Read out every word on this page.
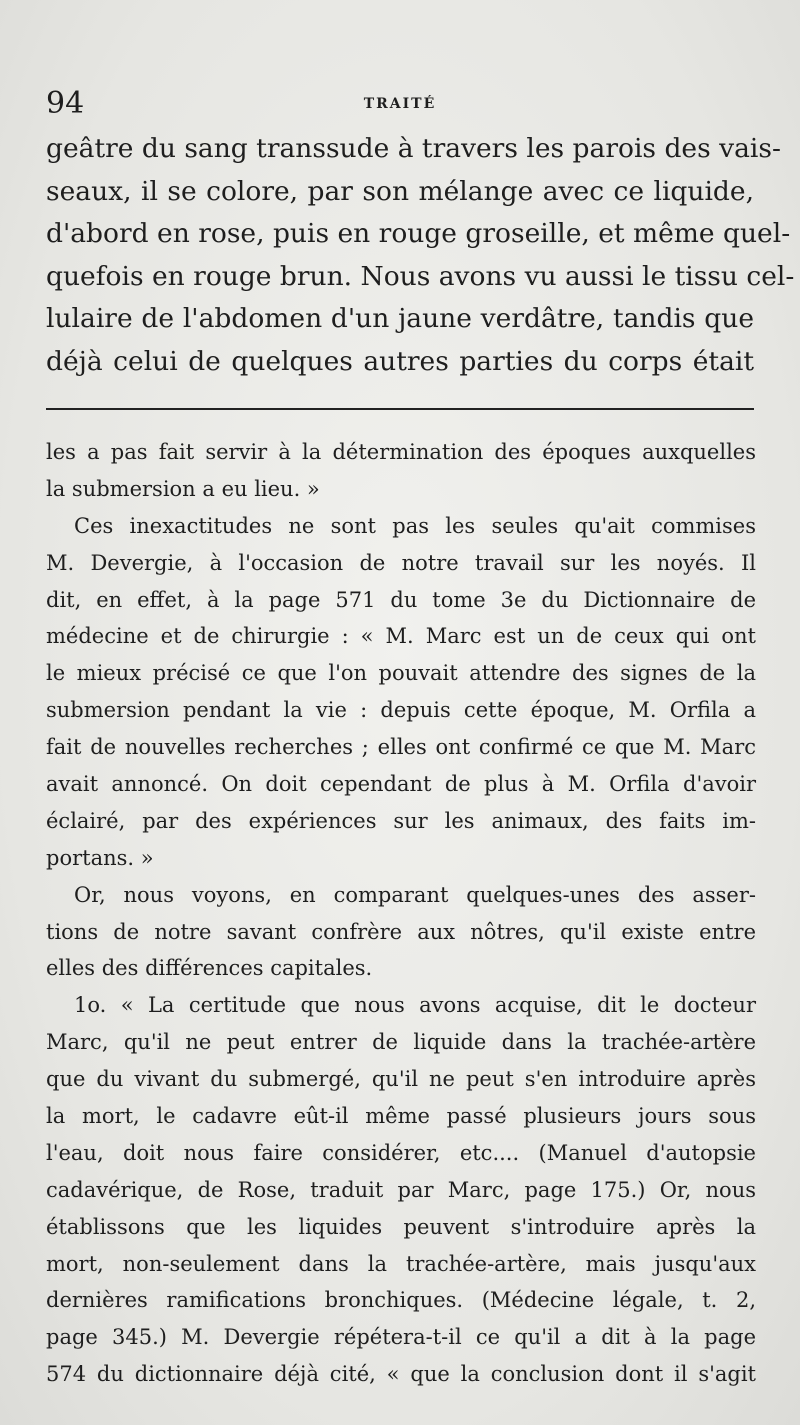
94	TRAITÉ
geâtre du sang transsude à travers les parois des vais-
seaux, il se colore, par son mélange avec ce liquide,
d'abord en rose, puis en rouge groseille, et même quel-
quefois en rouge brun. Nous avons vu aussi le tissu cel-
lulaire de l'abdomen d'un jaune verdâtre, tandis que
déjà celui de quelques autres parties du corps était
les a pas fait servir à la détermination des époques auxquelles
la submersion a eu lieu. »
Ces inexactitudes ne sont pas les seules qu'ait commises
M. Devergie, à l'occasion de notre travail sur les noyés. Il
dit, en effet, à la page 571 du tome 3e du Dictionnaire de
médecine et de chirurgie : « M. Marc est un de ceux qui ont
le mieux précisé ce que l'on pouvait attendre des signes de la
submersion pendant la vie : depuis cette époque, M. Orfila a
fait de nouvelles recherches ; elles ont confirmé ce que M. Marc
avait annoncé. On doit cependant de plus à M. Orfila d'avoir
éclairé, par des expériences sur les animaux, des faits im-
portans. »
Or, nous voyons, en comparant quelques-unes des asser-
tions de notre savant confrère aux nôtres, qu'il existe entre
elles des différences capitales.
1o. « La certitude que nous avons acquise, dit le docteur
Marc, qu'il ne peut entrer de liquide dans la trachée-artère
que du vivant du submergé, qu'il ne peut s'en introduire après
la mort, le cadavre eût-il même passé plusieurs jours sous
l'eau, doit nous faire considérer, etc.... (Manuel d'autopsie
cadavérique, de Rose, traduit par Marc, page 175.) Or, nous
établissons que les liquides peuvent s'introduire après la
mort, non-seulement dans la trachée-artère, mais jusqu'aux
dernières ramifications bronchiques. (Médecine légale, t. 2,
page 345.) M. Devergie répétera-t-il ce qu'il a dit à la page
574 du dictionnaire déjà cité, « que la conclusion dont il s'agit
